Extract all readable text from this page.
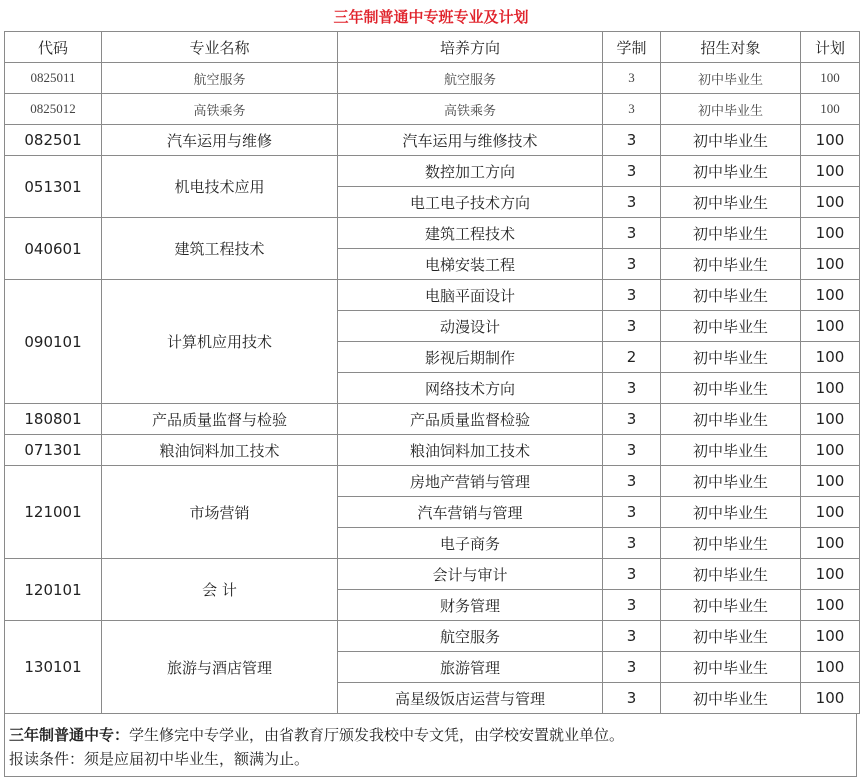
三年制普通中专班专业及计划
代码	专业名称	培养方向	学制	招生对象	计划
0825011	航空服务	航空服务	3	初中毕业生	100
0825012	高铁乘务	高铁乘务	3	初中毕业生	100
082501	汽车运用与维修	汽车运用与维修技术	3	初中毕业生	100
051301	机电技术应用	数控加工方向	3	初中毕业生	100
		电工电子技术方向	3	初中毕业生	100
040601	建筑工程技术	建筑工程技术	3	初中毕业生	100
		电梯安装工程	3	初中毕业生	100
090101	计算机应用技术	电脑平面设计	3	初中毕业生	100
		动漫设计	3	初中毕业生	100
		影视后期制作	2	初中毕业生	100
		网络技术方向	3	初中毕业生	100
180801	产品质量监督与检验	产品质量监督检验	3	初中毕业生	100
071301	粮油饲料加工技术	粮油饲料加工技术	3	初中毕业生	100
121001	市场营销	房地产营销与管理	3	初中毕业生	100
		汽车营销与管理	3	初中毕业生	100
		电子商务	3	初中毕业生	100
120101	会 计	会计与审计	3	初中毕业生	100
		财务管理	3	初中毕业生	100
130101	旅游与酒店管理	航空服务	3	初中毕业生	100
		旅游管理	3	初中毕业生	100
		高星级饭店运营与管理	3	初中毕业生	100
三年制普通中专：学生修完中专学业，由省教育厅颁发我校中专文凭，由学校安置就业单位。
报读条件：须是应届初中毕业生，额满为止。
